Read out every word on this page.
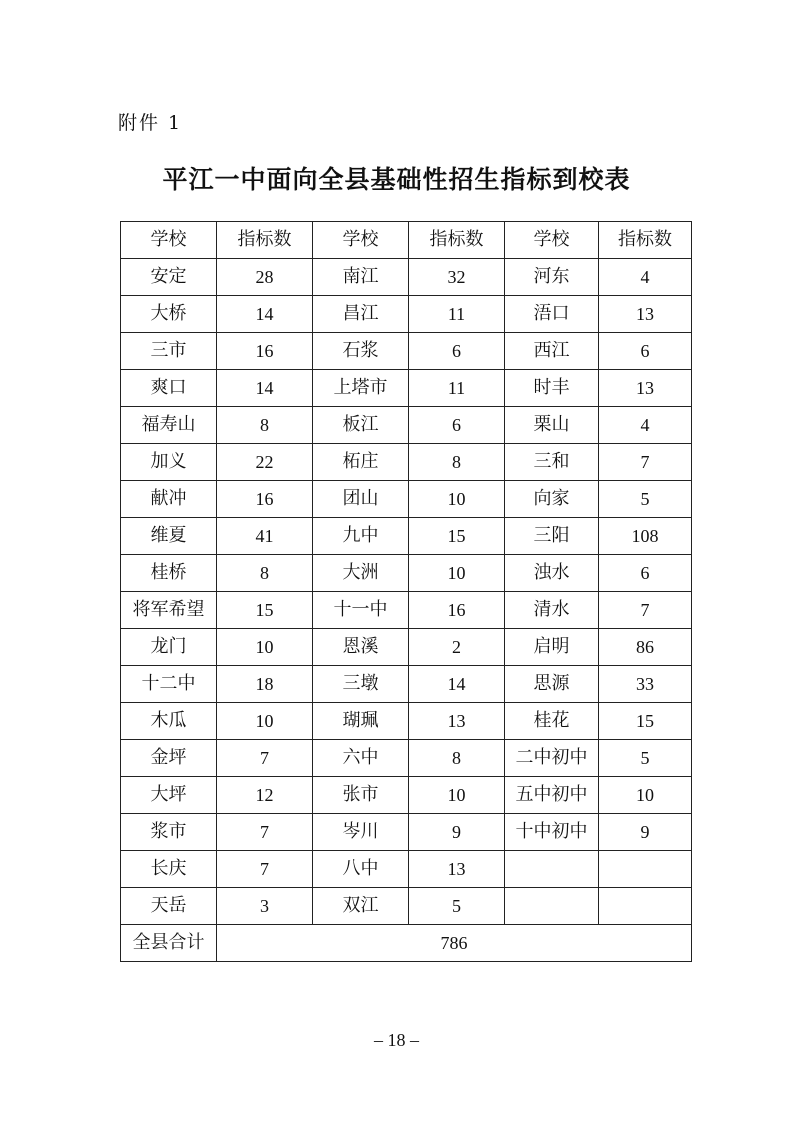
附件 1
平江一中面向全县基础性招生指标到校表
学校	指标数	学校	指标数	学校	指标数
安定	28	南江	32	河东	4
大桥	14	昌江	11	浯口	13
三市	16	石浆	6	西江	6
爽口	14	上塔市	11	时丰	13
福寿山	8	板江	6	栗山	4
加义	22	柘庄	8	三和	7
献冲	16	团山	10	向家	5
维夏	41	九中	15	三阳	108
桂桥	8	大洲	10	浊水	6
将军希望	15	十一中	16	清水	7
龙门	10	恩溪	2	启明	86
十二中	18	三墩	14	思源	33
木瓜	10	瑚珮	13	桂花	15
金坪	7	六中	8	二中初中	5
大坪	12	张市	10	五中初中	10
浆市	7	岑川	9	十中初中	9
长庆	7	八中	13		
天岳	3	双江	5		
全县合计	786				
– 18 –
